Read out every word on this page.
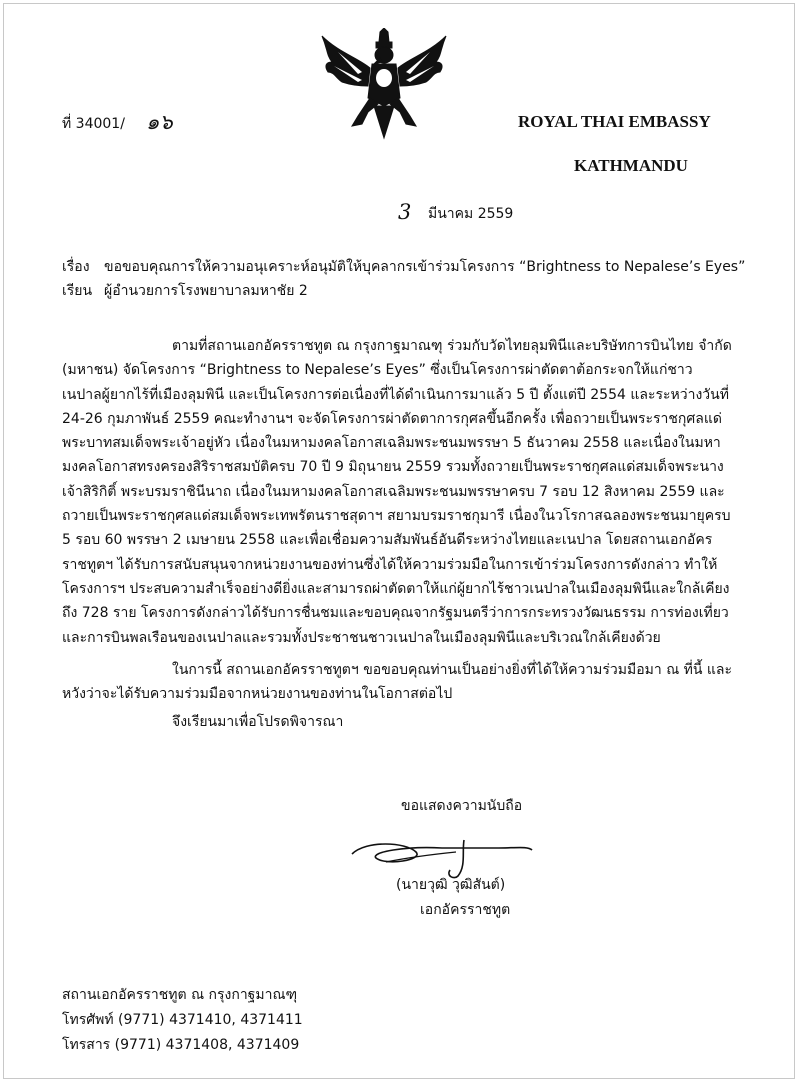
ที่ 34001/ ๑๖	ROYAL THAI EMBASSY
KATHMANDU
3 มีนาคม 2559
เรื่อง ขอขอบคุณการให้ความอนุเคราะห์อนุมัติให้บุคลากรเข้าร่วมโครงการ “Brightness to Nepalese’s Eyes”
เรียน ผู้อำนวยการโรงพยาบาลมหาชัย 2
ตามที่สถานเอกอัครราชทูต ณ กรุงกาฐมาณฑุ ร่วมกับวัดไทยลุมพินีและบริษัทการบินไทย จำกัด (มหาชน) จัดโครงการ “Brightness to Nepalese’s Eyes” ซึ่งเป็นโครงการผ่าตัดตาต้อกระจกให้แก่ชาวเนปาลผู้ยากไร้ที่เมืองลุมพินี และเป็นโครงการต่อเนื่องที่ได้ดำเนินการมาแล้ว 5 ปี ตั้งแต่ปี 2554 และระหว่างวันที่ 24-26 กุมภาพันธ์ 2559 คณะทำงานฯ จะจัดโครงการผ่าตัดตาการกุศลขึ้นอีกครั้ง เพื่อถวายเป็นพระราชกุศลแด่พระบาทสมเด็จพระเจ้าอยู่หัว เนื่องในมหามงคลโอกาสเฉลิมพระชนมพรรษา 5 ธันวาคม 2558 และเนื่องในมหามงคลโอกาสทรงครองสิริราชสมบัติครบ 70 ปี 9 มิถุนายน 2559 รวมทั้งถวายเป็นพระราชกุศลแด่สมเด็จพระนางเจ้าสิริกิติ์ พระบรมราชินีนาถ เนื่องในมหามงคลโอกาสเฉลิมพระชนมพรรษาครบ 7 รอบ 12 สิงหาคม 2559 และถวายเป็นพระราชกุศลแด่สมเด็จพระเทพรัตนราชสุดาฯ สยามบรมราชกุมารี เนื่องในวโรกาสฉลองพระชนมายุครบ 5 รอบ 60 พรรษา 2 เมษายน 2558 และเพื่อเชื่อมความสัมพันธ์อันดีระหว่างไทยและเนปาล โดยสถานเอกอัครราชทูตฯ ได้รับการสนับสนุนจากหน่วยงานของท่านซึ่งได้ให้ความร่วมมือในการเข้าร่วมโครงการดังกล่าว ทำให้โครงการฯ ประสบความสำเร็จอย่างดียิ่งและสามารถผ่าตัดตาให้แก่ผู้ยากไร้ชาวเนปาลในเมืองลุมพินีและใกล้เคียงถึง 728 ราย โครงการดังกล่าวได้รับการชื่นชมและขอบคุณจากรัฐมนตรีว่าการกระทรวงวัฒนธรรม การท่องเที่ยว และการบินพลเรือนของเนปาลและรวมทั้งประชาชนชาวเนปาลในเมืองลุมพินีและบริเวณใกล้เคียงด้วย
ในการนี้ สถานเอกอัครราชทูตฯ ขอขอบคุณท่านเป็นอย่างยิ่งที่ได้ให้ความร่วมมือมา ณ ที่นี้ และหวังว่าจะได้รับความร่วมมือจากหน่วยงานของท่านในโอกาสต่อไป
จึงเรียนมาเพื่อโปรดพิจารณา
ขอแสดงความนับถือ
(นายวุฒิ วุฒิสันต์)
เอกอัครราชทูต
สถานเอกอัครราชทูต ณ กรุงกาฐมาณฑุ
โทรศัพท์ (9771) 4371410, 4371411
โทรสาร (9771) 4371408, 4371409
